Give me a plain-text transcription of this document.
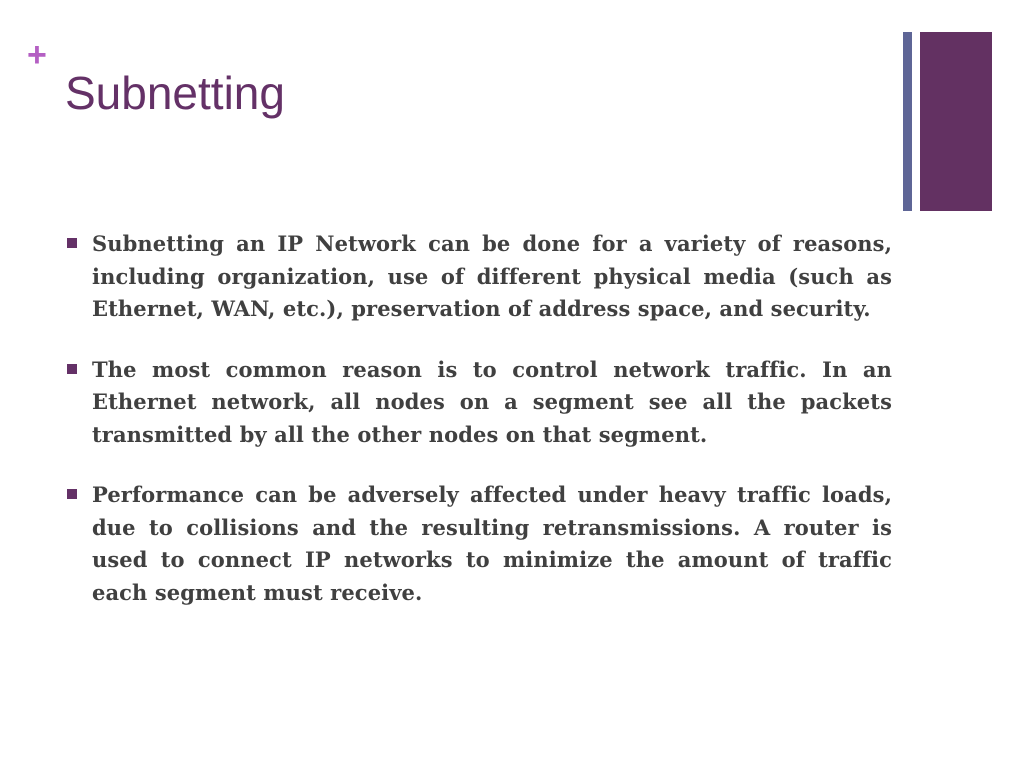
+
Subnetting
Subnetting an IP Network can be done for a variety of reasons, including organization, use of different physical media (such as Ethernet, WAN, etc.), preservation of address space, and security.
The most common reason is to control network traffic. In an Ethernet network, all nodes on a segment see all the packets transmitted by all the other nodes on that segment.
Performance can be adversely affected under heavy traffic loads, due to collisions and the resulting retransmissions. A router is used to connect IP networks to minimize the amount of traffic each segment must receive.
